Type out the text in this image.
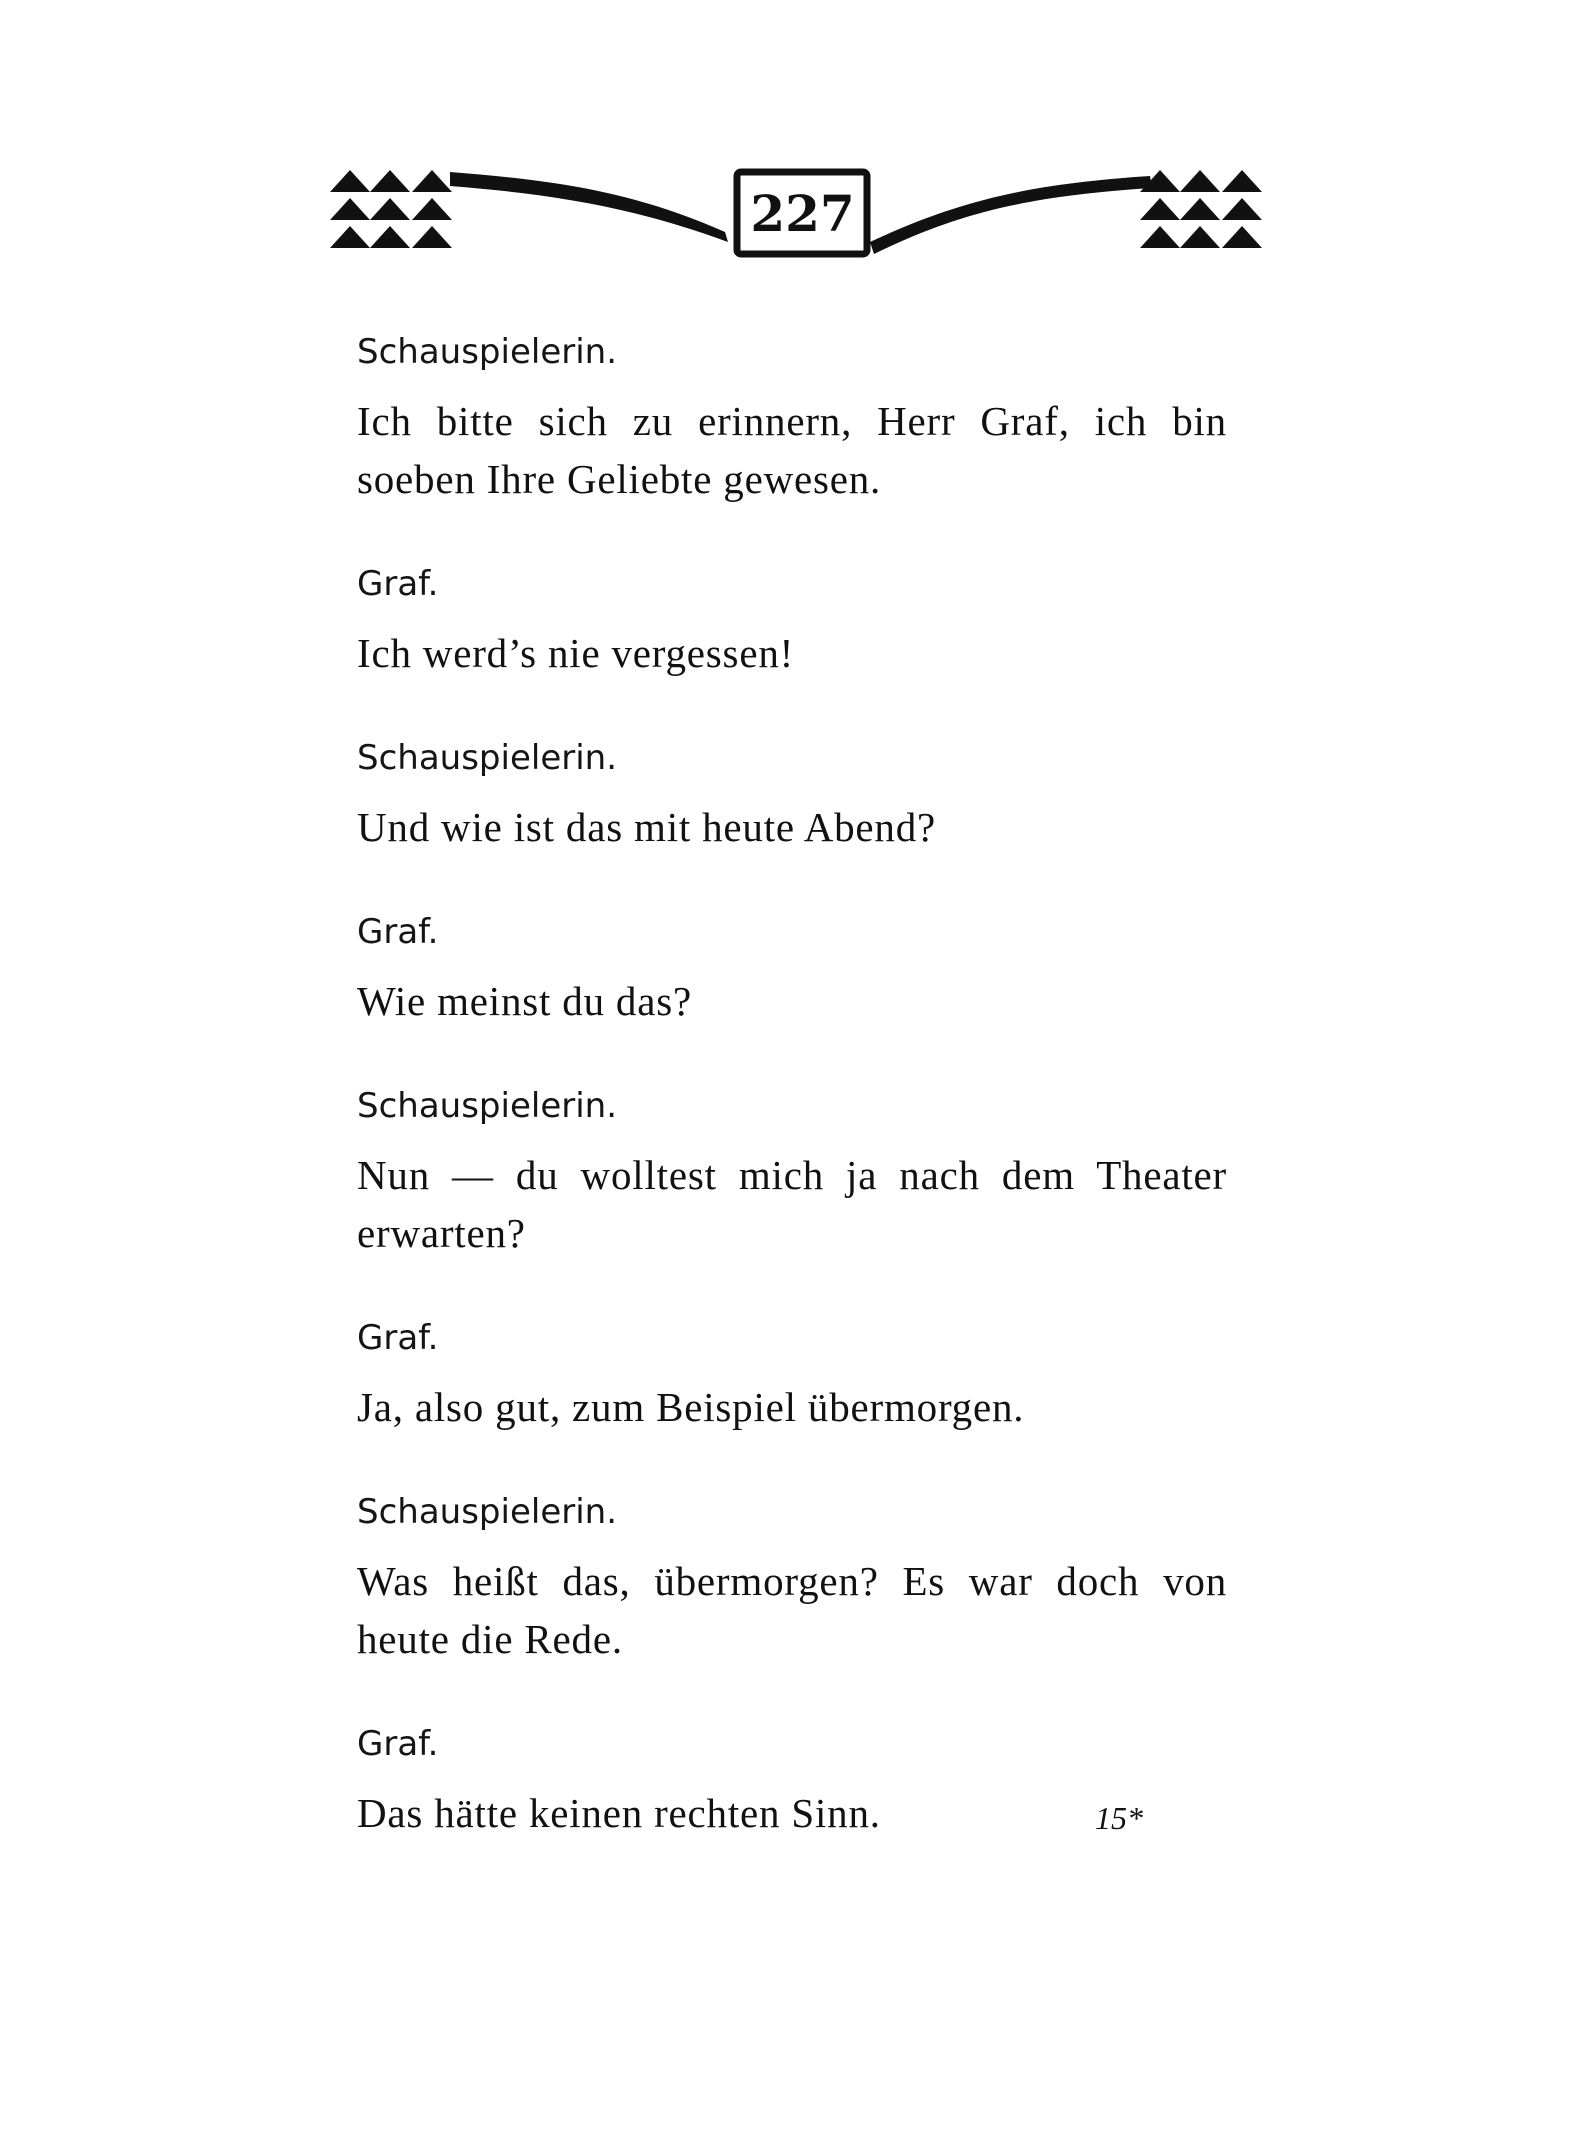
227

Schauspielerin.

Ich bitte sich zu erinnern, Herr Graf, ich bin soeben Ihre Geliebte gewesen.

Graf.

Ich werd’s nie vergessen!

Schauspielerin.

Und wie ist das mit heute Abend?

Graf.

Wie meinst du das?

Schauspielerin.

Nun — du wolltest mich ja nach dem Theater erwarten?

Graf.

Ja, also gut, zum Beispiel übermorgen.

Schauspielerin.

Was heißt das, übermorgen? Es war doch von heute die Rede.

Graf.

Das hätte keinen rechten Sinn.	15*
